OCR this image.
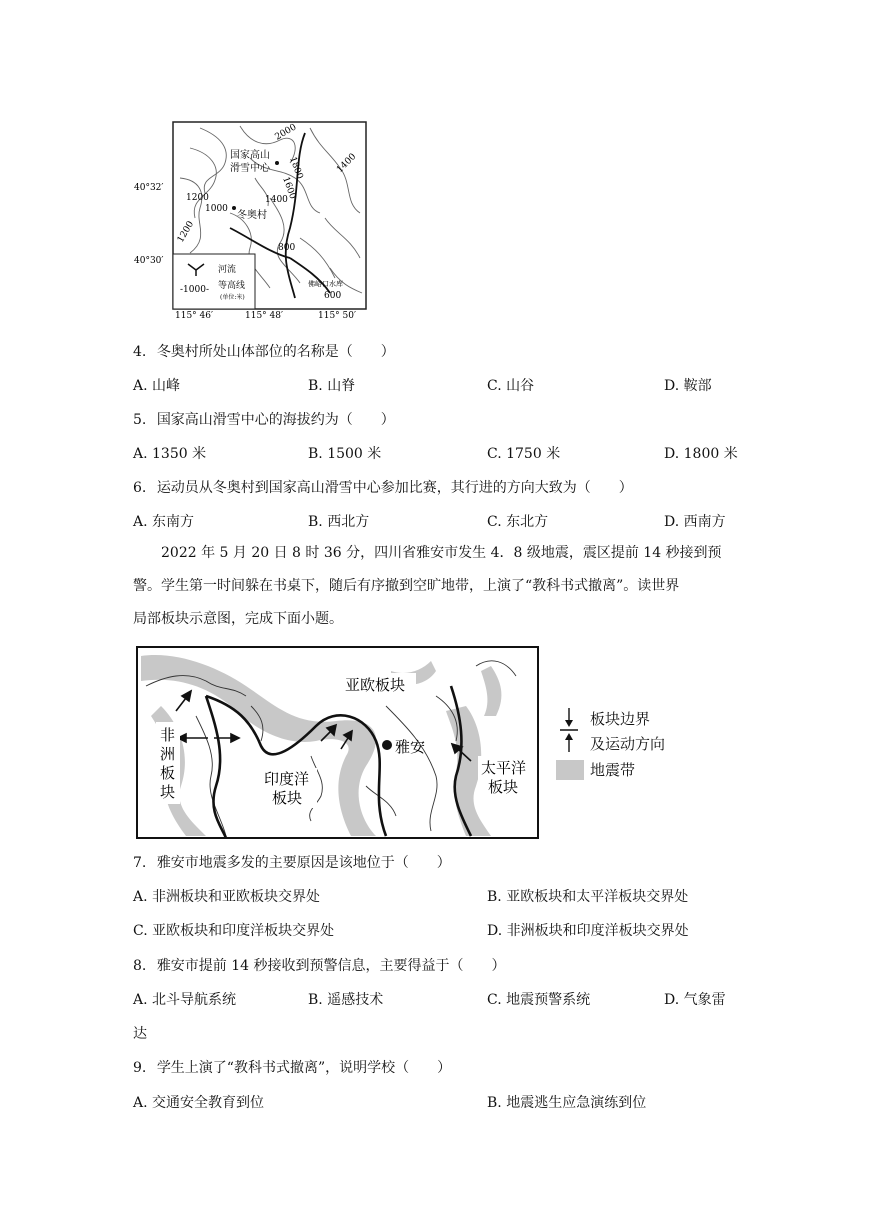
国家高山
滑雪中心
冬奥村
2000
1800
1600
1400
1400
1200
1000
1200
800
600
佛峪口水库
河流
-1000- 等高线
(单位:米)
40°32′
40°30′
115° 46′	115° 48′	115° 50′
4. 冬奥村所处山体部位的名称是（　　）
A. 山峰	B. 山脊	C. 山谷	D. 鞍部
5. 国家高山滑雪中心的海拔约为（　　）
A. 1350 米	B. 1500 米	C. 1750 米	D. 1800 米
6. 运动员从冬奥村到国家高山滑雪中心参加比赛，其行进的方向大致为（　　）
A. 东南方	B. 西北方	C. 东北方	D. 西南方
2022 年 5 月 20 日 8 时 36 分，四川省雅安市发生 4．8 级地震，震区提前 14 秒接到预
警。学生第一时间躲在书桌下，随后有序撤到空旷地带，上演了“教科书式撤离”。读世界
局部板块示意图，完成下面小题。
亚欧板块
雅安
非
洲
板
块
印度洋
板块
太平洋
板块
板块边界
及运动方向
地震带
7. 雅安市地震多发的主要原因是该地位于（　　）
A. 非洲板块和亚欧板块交界处	B. 亚欧板块和太平洋板块交界处
C. 亚欧板块和印度洋板块交界处	D. 非洲板块和印度洋板块交界处
8. 雅安市提前 14 秒接收到预警信息，主要得益于（　　）
A. 北斗导航系统	B. 遥感技术	C. 地震预警系统	D. 气象雷
达
9. 学生上演了“教科书式撤离”，说明学校（　　）
A. 交通安全教育到位	B. 地震逃生应急演练到位
